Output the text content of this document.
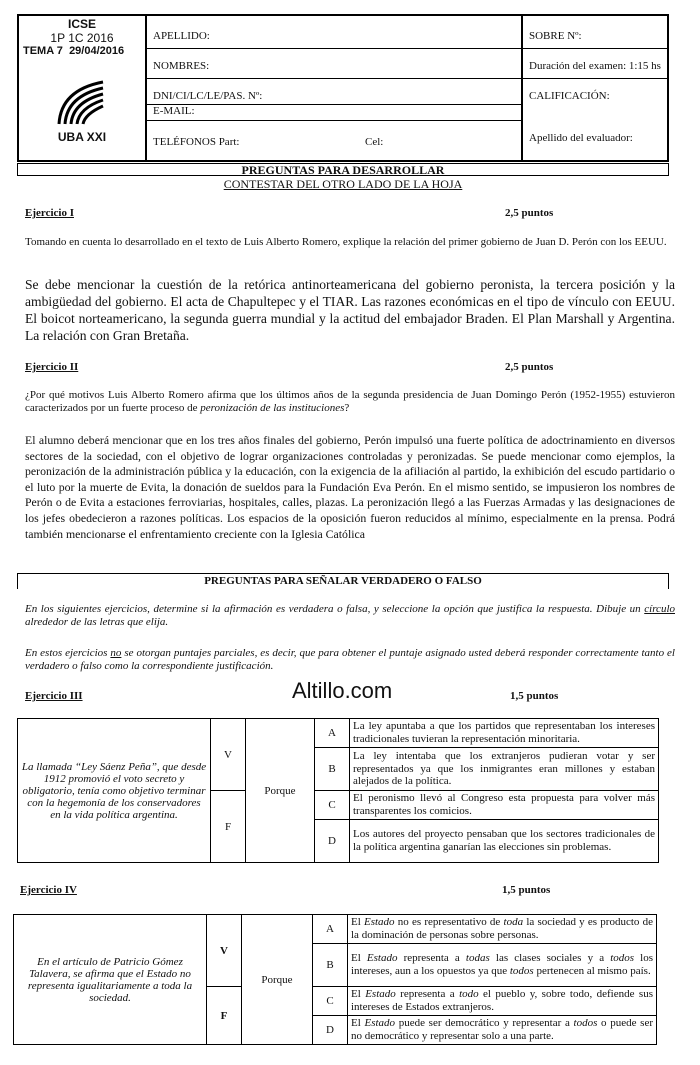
ICSE
1P 1C 2016
TEMA 7 29/04/2016
UBA XXI
APELLIDO:
NOMBRES:
DNI/CI/LC/LE/PAS. Nº:
E-MAIL:
TELÉFONOS Part:	Cel:
SOBRE Nº:
Duración del examen: 1:15 hs
CALIFICACIÓN:
Apellido del evaluador:
PREGUNTAS PARA DESARROLLAR
CONTESTAR DEL OTRO LADO DE LA HOJA
Ejercicio I	2,5 puntos

Tomando en cuenta lo desarrollado en el texto de Luis Alberto Romero, explique la relación del primer gobierno de Juan D. Perón con los EEUU.

Se debe mencionar la cuestión de la retórica antinorteamericana del gobierno peronista, la tercera posición y la ambigüedad del gobierno. El acta de Chapultepec y el TIAR. Las razones económicas en el tipo de vínculo con EEUU. El boicot norteamericano, la segunda guerra mundial y la actitud del embajador Braden. El Plan Marshall y Argentina. La relación con Gran Bretaña.

Ejercicio II	2,5 puntos

¿Por qué motivos Luis Alberto Romero afirma que los últimos años de la segunda presidencia de Juan Domingo Perón (1952-1955) estuvieron caracterizados por un fuerte proceso de peronización de las instituciones?

El alumno deberá mencionar que en los tres años finales del gobierno, Perón impulsó una fuerte política de adoctrinamiento en diversos sectores de la sociedad, con el objetivo de lograr organizaciones controladas y peronizadas. Se puede mencionar como ejemplos, la peronización de la administración pública y la educación, con la exigencia de la afiliación al partido, la exhibición del escudo partidario o el luto por la muerte de Evita, la donación de sueldos para la Fundación Eva Perón. En el mismo sentido, se impusieron los nombres de Perón o de Evita a estaciones ferroviarias, hospitales, calles, plazas. La peronización llegó a las Fuerzas Armadas y las designaciones de los jefes obedecieron a razones políticas. Los espacios de la oposición fueron reducidos al mínimo, especialmente en la prensa. Podrá también mencionarse el enfrentamiento creciente con la Iglesia Católica

PREGUNTAS PARA SEÑALAR VERDADERO O FALSO

En los siguientes ejercicios, determine si la afirmación es verdadera o falsa, y seleccione la opción que justifica la respuesta. Dibuje un círculo alrededor de las letras que elija.

En estos ejercicios no se otorgan puntajes parciales, es decir, que para obtener el puntaje asignado usted deberá responder correctamente tanto el verdadero o falso como la correspondiente justificación.

Ejercicio III	Altillo.com	1,5 puntos
La llamada “Ley Sáenz Peña”, que desde 1912 promovió el voto secreto y obligatorio, tenía como objetivo terminar con la hegemonía de los conservadores en la vida política argentina.	V	Porque	A	La ley apuntaba a que los partidos que representaban los intereses tradicionales tuvieran la representación minoritaria.
			B	La ley intentaba que los extranjeros pudieran votar y ser representados ya que los inmigrantes eran millones y estaban alejados de la política.
	F		C	El peronismo llevó al Congreso esta propuesta para volver más transparentes los comicios.
			D	Los autores del proyecto pensaban que los sectores tradicionales de la política argentina ganarían las elecciones sin problemas.
Ejercicio IV	1,5 puntos
En el artículo de Patricio Gómez Talavera, se afirma que el Estado no representa igualitariamente a toda la sociedad.	V	Porque	A	El Estado no es representativo de toda la sociedad y es producto de la dominación de personas sobre personas.
			B	El Estado representa a todas las clases sociales y a todos los intereses, aun a los opuestos ya que todos pertenecen al mismo país.
	F		C	El Estado representa a todo el pueblo y, sobre todo, defiende sus intereses de Estados extranjeros.
			D	El Estado puede ser democrático y representar a todos o puede ser no democrático y representar solo a una parte.
